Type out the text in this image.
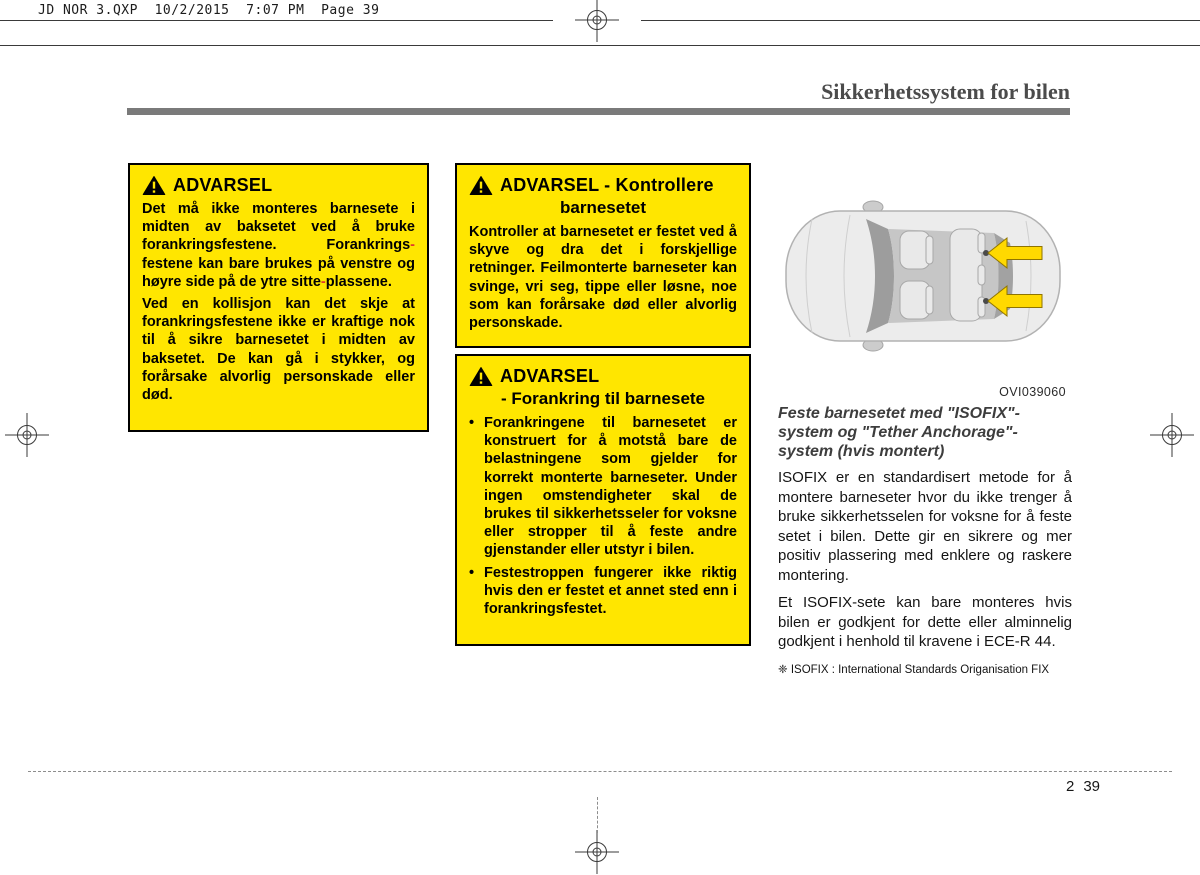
JD NOR 3.QXP  10/2/2015  7:07 PM  Page 39
Sikkerhetssystem for bilen
ADVARSEL

Det må ikke monteres barnesete i midten av baksetet ved å bruke forankringsfestene. Forankrings-festene kan bare brukes på venstre og høyre side på de ytre sitte-plassene.

Ved en kollisjon kan det skje at forankringsfestene ikke er kraftige nok til å sikre barnesetet i midten av baksetet. De kan gå i stykker, og forårsake alvorlig personskade eller død.

ADVARSEL - Kontrollere
barnesetet

Kontroller at barnesetet er festet ved å skyve og dra det i forskjellige retninger. Feilmonterte barneseter kan svinge, vri seg, tippe eller løsne, noe som kan forårsake død eller alvorlig personskade.

ADVARSEL
- Forankring til barnesete
• Forankringene til barnesetet er konstruert for å motstå bare de belastningene som gjelder for korrekt monterte barneseter. Under ingen omstendigheter skal de brukes til sikkerhetsseler for voksne eller stropper til å feste andre gjenstander eller utstyr i bilen.
• Festestroppen fungerer ikke riktig hvis den er festet et annet sted enn i forankringsfestet.
OVI039060
Feste barnesetet med "ISOFIX"-system og "Tether Anchorage"-system (hvis montert)

ISOFIX er en standardisert metode for å montere barneseter hvor du ikke trenger å bruke sikkerhetsselen for voksne for å feste setet i bilen. Dette gir en sikrere og mer positiv plassering med enklere og raskere montering.

Et ISOFIX-sete kan bare monteres hvis bilen er godkjent for dette eller alminnelig godkjent i henhold til kravene i ECE-R 44.

❈ ISOFIX : International Standards Origanisation FIX
2 39
